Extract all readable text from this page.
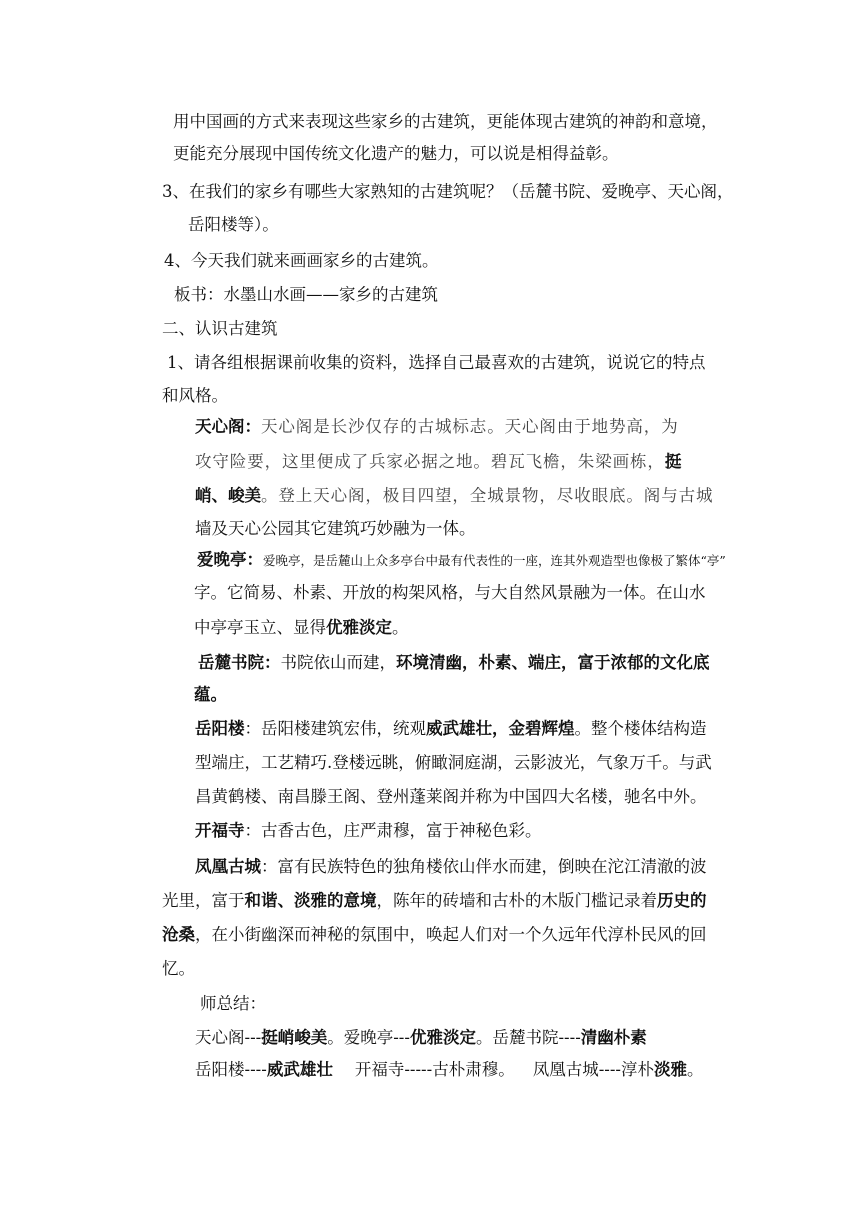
用中国画的方式来表现这些家乡的古建筑，更能体现古建筑的神韵和意境，
更能充分展现中国传统文化遗产的魅力，可以说是相得益彰。
3、在我们的家乡有哪些大家熟知的古建筑呢？（岳麓书院、爱晚亭、天心阁，
岳阳楼等）。
4、今天我们就来画画家乡的古建筑。
板书：水墨山水画——家乡的古建筑
二、认识古建筑
1、请各组根据课前收集的资料，选择自己最喜欢的古建筑，说说它的特点
和风格。
天心阁：天心阁是长沙仅存的古城标志。天心阁由于地势高，为
攻守险要，这里便成了兵家必据之地。碧瓦飞檐，朱梁画栋，挺
峭、峻美。登上天心阁，极目四望，全城景物，尽收眼底。阁与古城
墙及天心公园其它建筑巧妙融为一体。
爱晚亭：爱晚亭，是岳麓山上众多亭台中最有代表性的一座，连其外观造型也像极了繁体“亭”
字。它简易、朴素、开放的构架风格，与大自然风景融为一体。在山水
中亭亭玉立、显得优雅淡定。
岳麓书院：书院依山而建，环境清幽，朴素、端庄，富于浓郁的文化底
蕴。
岳阳楼：岳阳楼建筑宏伟，统观威武雄壮，金碧辉煌。整个楼体结构造
型端庄，工艺精巧.登楼远眺，俯瞰洞庭湖，云影波光，气象万千。与武
昌黄鹤楼、南昌滕王阁、登州蓬莱阁并称为中国四大名楼，驰名中外。
开福寺：古香古色，庄严肃穆，富于神秘色彩。
凤凰古城：富有民族特色的独角楼依山伴水而建，倒映在沱江清澈的波
光里，富于和谐、淡雅的意境，陈年的砖墙和古朴的木版门槛记录着历史的
沧桑，在小街幽深而神秘的氛围中，唤起人们对一个久远年代淳朴民风的回
忆。
师总结：
天心阁---挺峭峻美。爱晚亭---优雅淡定。岳麓书院----清幽朴素
岳阳楼----威武雄壮 开福寺-----古朴肃穆。 凤凰古城----淳朴淡雅。
